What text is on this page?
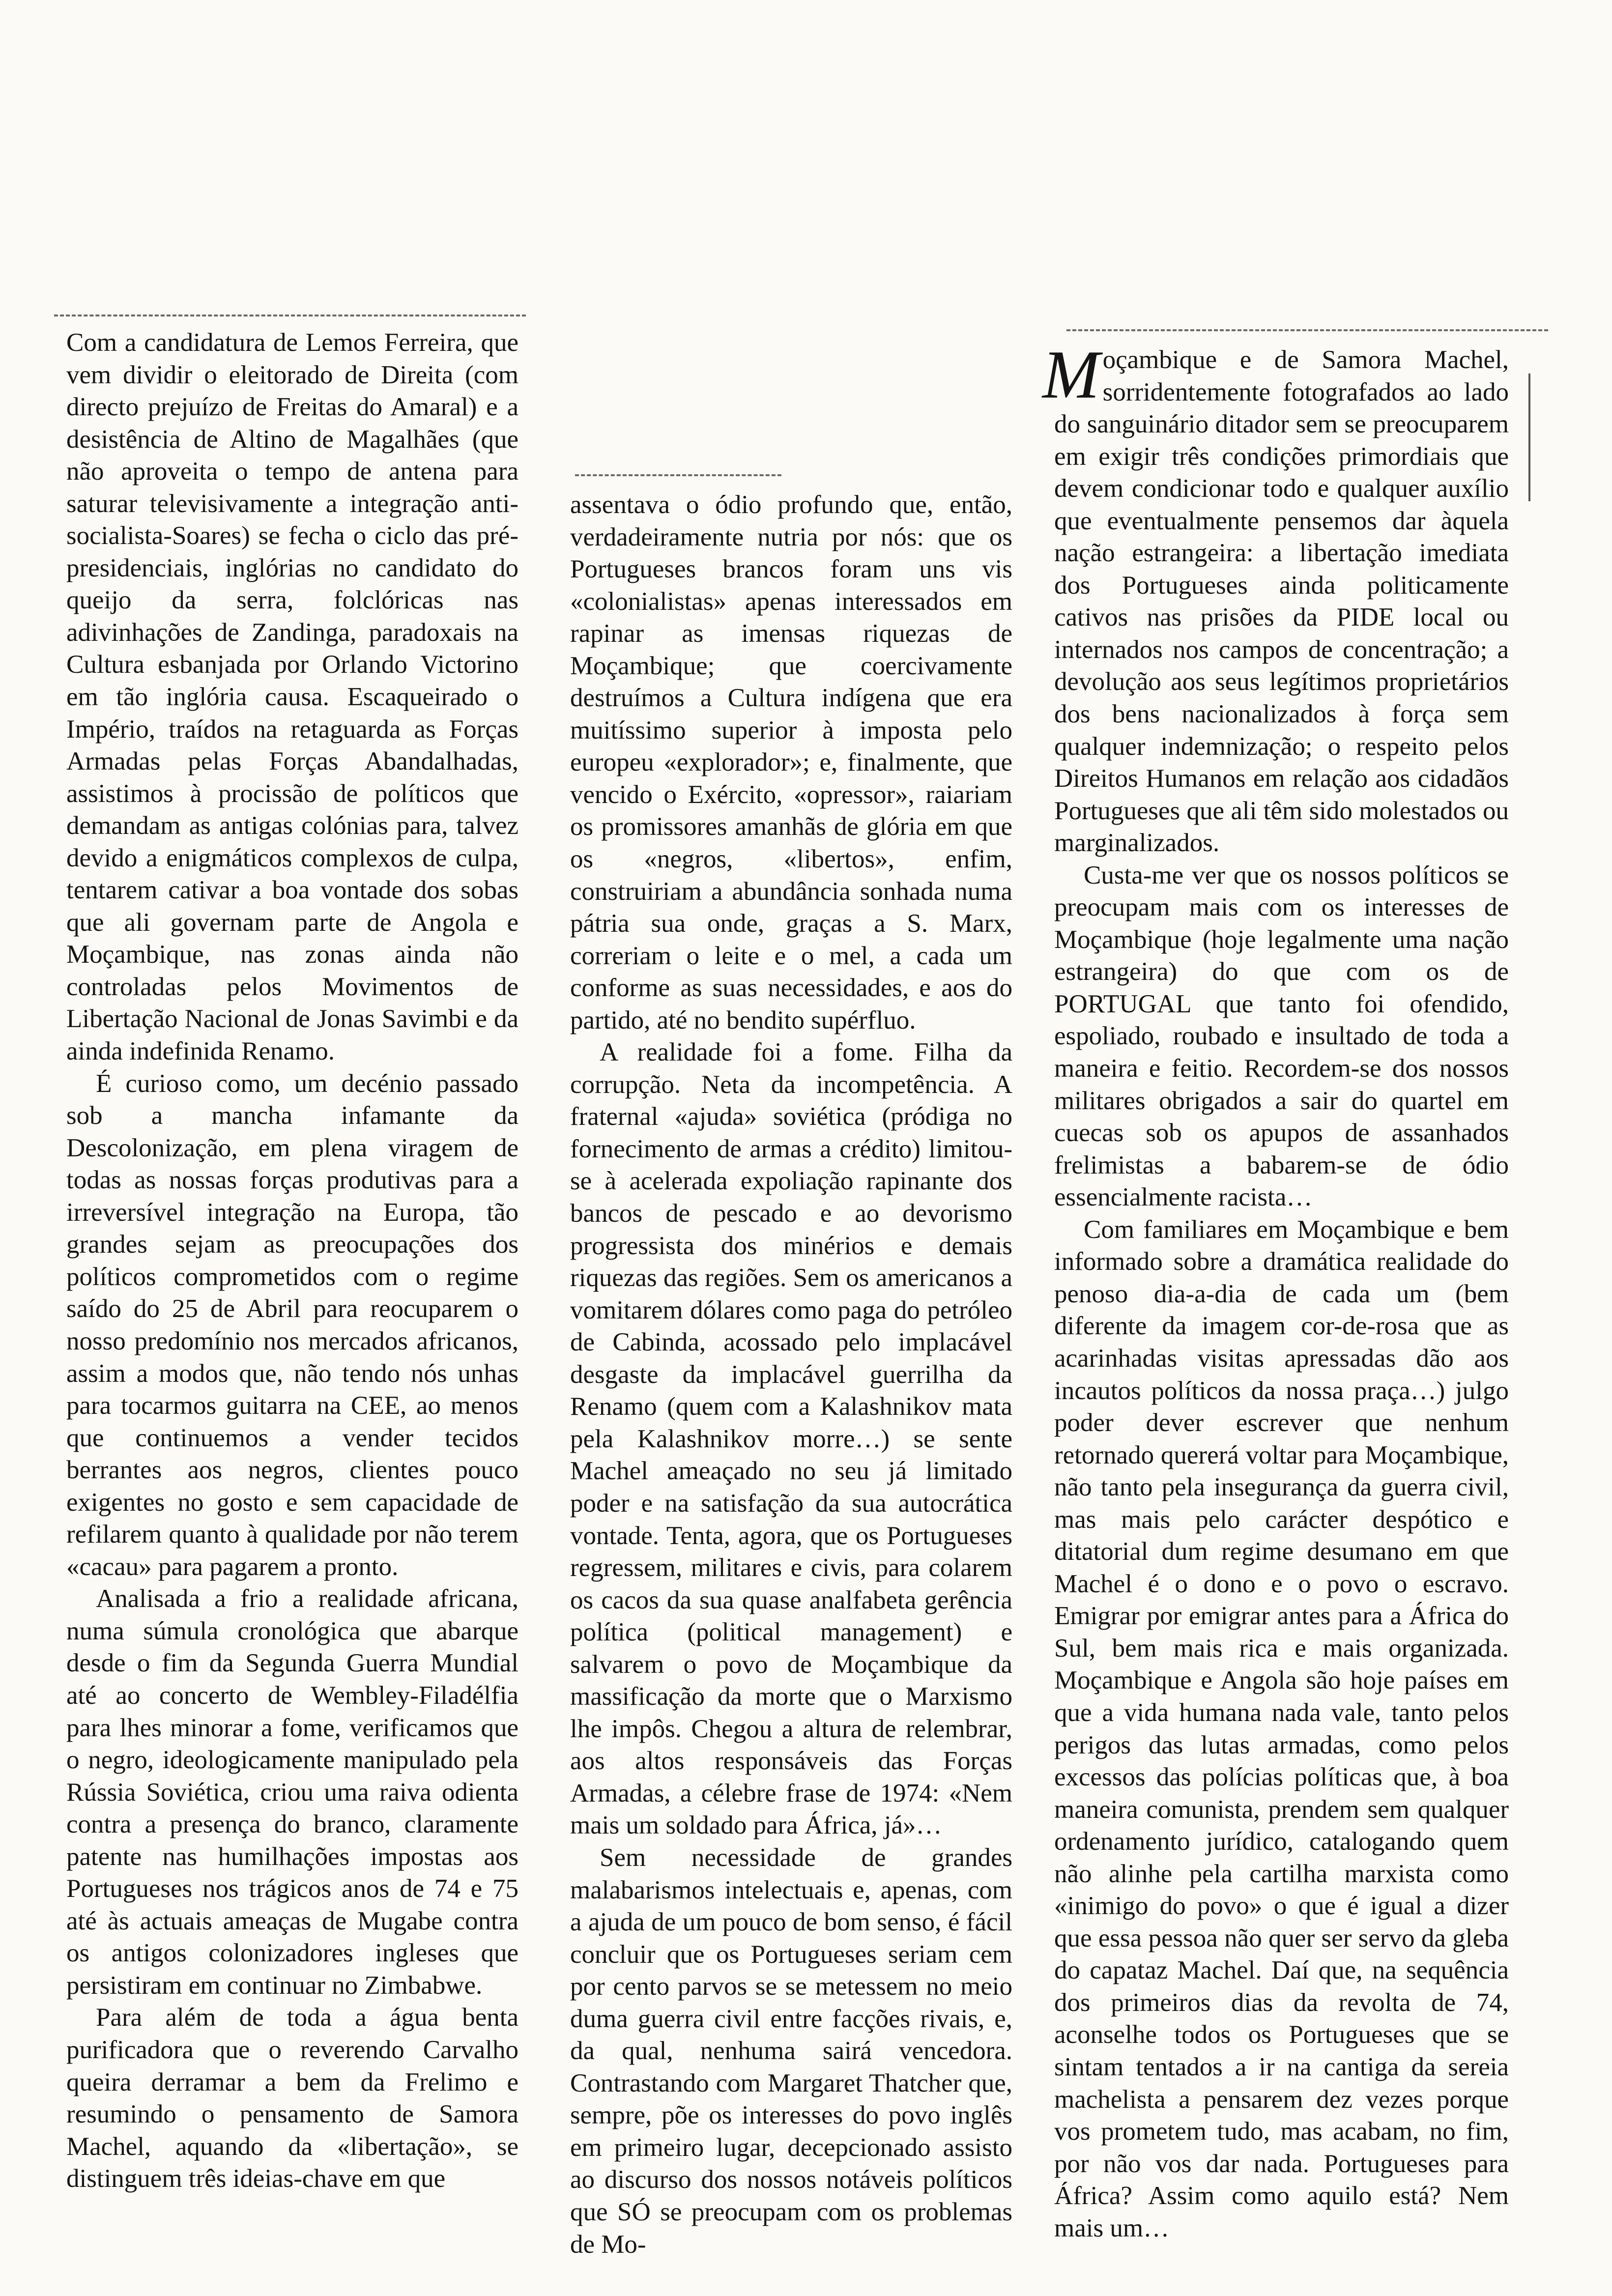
Com a candidatura de Lemos Ferreira, que vem dividir o eleitorado de Direita (com directo prejuízo de Freitas do Amaral) e a desistência de Altino de Magalhães (que não aproveita o tempo de antena para saturar televisivamente a integração anti-socialista-Soares) se fecha o ciclo das pré-presidenciais, inglórias no candidato do queijo da serra, folclóricas nas adivinhações de Zandinga, paradoxais na Cultura esbanjada por Orlando Victorino em tão inglória causa. Escaqueirado o Império, traídos na retaguarda as Forças Armadas pelas Forças Abandalhadas, assistimos à procissão de políticos que demandam as antigas colónias para, talvez devido a enigmáticos complexos de culpa, tentarem cativar a boa vontade dos sobas que ali governam parte de Angola e Moçambique, nas zonas ainda não controladas pelos Movimentos de Libertação Nacional de Jonas Savimbi e da ainda indefinida Renamo.

É curioso como, um decénio passado sob a mancha infamante da Descolonização, em plena viragem de todas as nossas forças produtivas para a irreversível integração na Europa, tão grandes sejam as preocupações dos políticos comprometidos com o regime saído do 25 de Abril para reocuparem o nosso predomínio nos mercados africanos, assim a modos que, não tendo nós unhas para tocarmos guitarra na CEE, ao menos que continuemos a vender tecidos berrantes aos negros, clientes pouco exigentes no gosto e sem capacidade de refilarem quanto à qualidade por não terem «cacau» para pagarem a pronto.

Analisada a frio a realidade africana, numa súmula cronológica que abarque desde o fim da Segunda Guerra Mundial até ao concerto de Wembley-Filadélfia para lhes minorar a fome, verificamos que o negro, ideologicamente manipulado pela Rússia Soviética, criou uma raiva odienta contra a presença do branco, claramente patente nas humilhações impostas aos Portugueses nos trágicos anos de 74 e 75 até às actuais ameaças de Mugabe contra os antigos colonizadores ingleses que persistiram em continuar no Zimbabwe.

Para além de toda a água benta purificadora que o reverendo Carvalho queira derramar a bem da Frelimo e resumindo o pensamento de Samora Machel, aquando da «libertação», se distinguem três ideias-chave em que

assentava o ódio profundo que, então, verdadeiramente nutria por nós: que os Portugueses brancos foram uns vis «colonialistas» apenas interessados em rapinar as imensas riquezas de Moçambique; que coercivamente destruímos a Cultura indígena que era muitíssimo superior à imposta pelo europeu «explorador»; e, finalmente, que vencido o Exército, «opressor», raiariam os promissores amanhãs de glória em que os «negros, «libertos», enfim, construiriam a abundância sonhada numa pátria sua onde, graças a S. Marx, correriam o leite e o mel, a cada um conforme as suas necessidades, e aos do partido, até no bendito supérfluo.

A realidade foi a fome. Filha da corrupção. Neta da incompetência. A fraternal «ajuda» soviética (pródiga no fornecimento de armas a crédito) limitou-se à acelerada expoliação rapinante dos bancos de pescado e ao devorismo progressista dos minérios e demais riquezas das regiões. Sem os americanos a vomitarem dólares como paga do petróleo de Cabinda, acossado pelo implacável desgaste da implacável guerrilha da Renamo (quem com a Kalashnikov mata pela Kalashnikov morre…) se sente Machel ameaçado no seu já limitado poder e na satisfação da sua autocrática vontade. Tenta, agora, que os Portugueses regressem, militares e civis, para colarem os cacos da sua quase analfabeta gerência política (political management) e salvarem o povo de Moçambique da massificação da morte que o Marxismo lhe impôs. Chegou a altura de relembrar, aos altos responsáveis das Forças Armadas, a célebre frase de 1974: «Nem mais um soldado para África, já»…

Sem necessidade de grandes malabarismos intelectuais e, apenas, com a ajuda de um pouco de bom senso, é fácil concluir que os Portugueses seriam cem por cento parvos se se metessem no meio duma guerra civil entre facções rivais, e, da qual, nenhuma sairá vencedora. Contrastando com Margaret Thatcher que, sempre, põe os interesses do povo inglês em primeiro lugar, decepcionado assisto ao discurso dos nossos notáveis políticos que SÓ se preocupam com os problemas de Mo-

Moçambique e de Samora Machel, sorridentemente fotografados ao lado do sanguinário ditador sem se preocuparem em exigir três condições primordiais que devem condicionar todo e qualquer auxílio que eventualmente pensemos dar àquela nação estrangeira: a libertação imediata dos Portugueses ainda politicamente cativos nas prisões da PIDE local ou internados nos campos de concentração; a devolução aos seus legítimos proprietários dos bens nacionalizados à força sem qualquer indemnização; o respeito pelos Direitos Humanos em relação aos cidadãos Portugueses que ali têm sido molestados ou marginalizados.

Custa-me ver que os nossos políticos se preocupam mais com os interesses de Moçambique (hoje legalmente uma nação estrangeira) do que com os de PORTUGAL que tanto foi ofendido, espoliado, roubado e insultado de toda a maneira e feitio. Recordem-se dos nossos militares obrigados a sair do quartel em cuecas sob os apupos de assanhados frelimistas a babarem-se de ódio essencialmente racista…

Com familiares em Moçambique e bem informado sobre a dramática realidade do penoso dia-a-dia de cada um (bem diferente da imagem cor-de-rosa que as acarinhadas visitas apressadas dão aos incautos políticos da nossa praça…) julgo poder dever escrever que nenhum retornado quererá voltar para Moçambique, não tanto pela insegurança da guerra civil, mas mais pelo carácter despótico e ditatorial dum regime desumano em que Machel é o dono e o povo o escravo. Emigrar por emigrar antes para a África do Sul, bem mais rica e mais organizada. Moçambique e Angola são hoje países em que a vida humana nada vale, tanto pelos perigos das lutas armadas, como pelos excessos das polícias políticas que, à boa maneira comunista, prendem sem qualquer ordenamento jurídico, catalogando quem não alinhe pela cartilha marxista como «inimigo do povo» o que é igual a dizer que essa pessoa não quer ser servo da gleba do capataz Machel. Daí que, na sequência dos primeiros dias da revolta de 74, aconselhe todos os Portugueses que se sintam tentados a ir na cantiga da sereia machelista a pensarem dez vezes porque vos prometem tudo, mas acabam, no fim, por não vos dar nada. Portugueses para África? Assim como aquilo está? Nem mais um…
